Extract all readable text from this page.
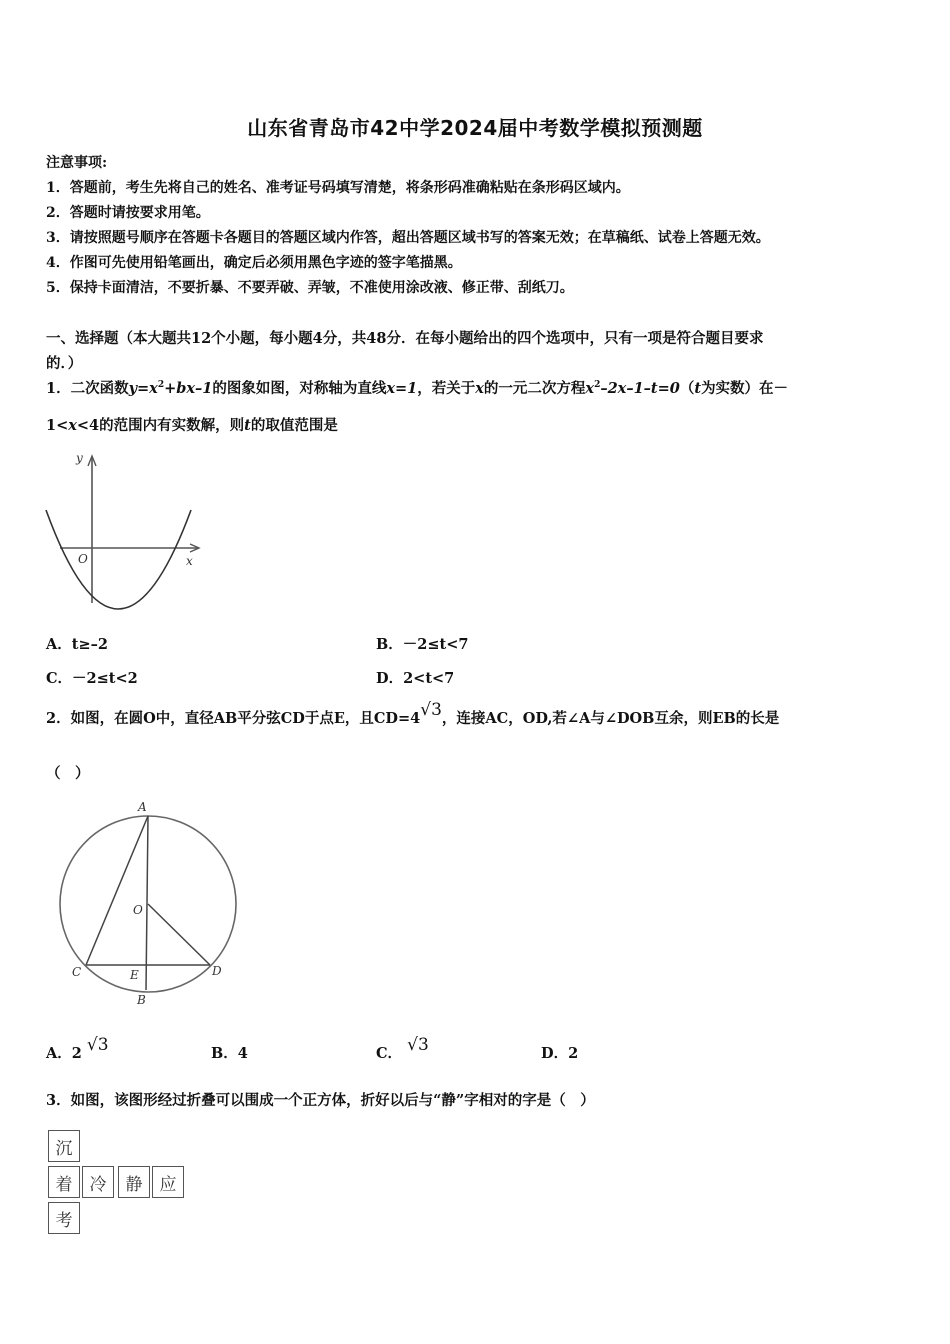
山东省青岛市42中学2024届中考数学模拟预测题
注意事项:
1．答题前，考生先将自己的姓名、准考证号码填写清楚，将条形码准确粘贴在条形码区域内。
2．答题时请按要求用笔。
3．请按照题号顺序在答题卡各题目的答题区域内作答，超出答题区域书写的答案无效；在草稿纸、试卷上答题无效。
4．作图可先使用铅笔画出，确定后必须用黑色字迹的签字笔描黑。
5．保持卡面清洁，不要折暴、不要弄破、弄皱，不准使用涂改液、修正带、刮纸刀。
一、选择题（本大题共12个小题，每小题4分，共48分．在每小题给出的四个选项中，只有一项是符合题目要求
的．）
1．二次函数$y=x^2+bx-1$的图象如图，对称轴为直线x=1，若关于x的一元二次方程$x^2-2x-1-t=0(t$为实数）在－
1<x<4的范围内有实数解，则t的取值范围是
y
x
O
A．t≥–2	B．－2≤t<7
C．－2≤t<2	D．2<t<7
2．如图，在圆O中，直径AB平分弦CD于点E，且CD=4√3，连接AC，OD,若∠A与∠DOB互余，则EB的长是
（　）
A
O
C	E	D
B
A．2 √3	B．4	C． √3	D．2
3．如图，该图形经过折叠可以围成一个正方体，折好以后与“静”字相对的字是（　）
沉
着	冷	静	应
考
